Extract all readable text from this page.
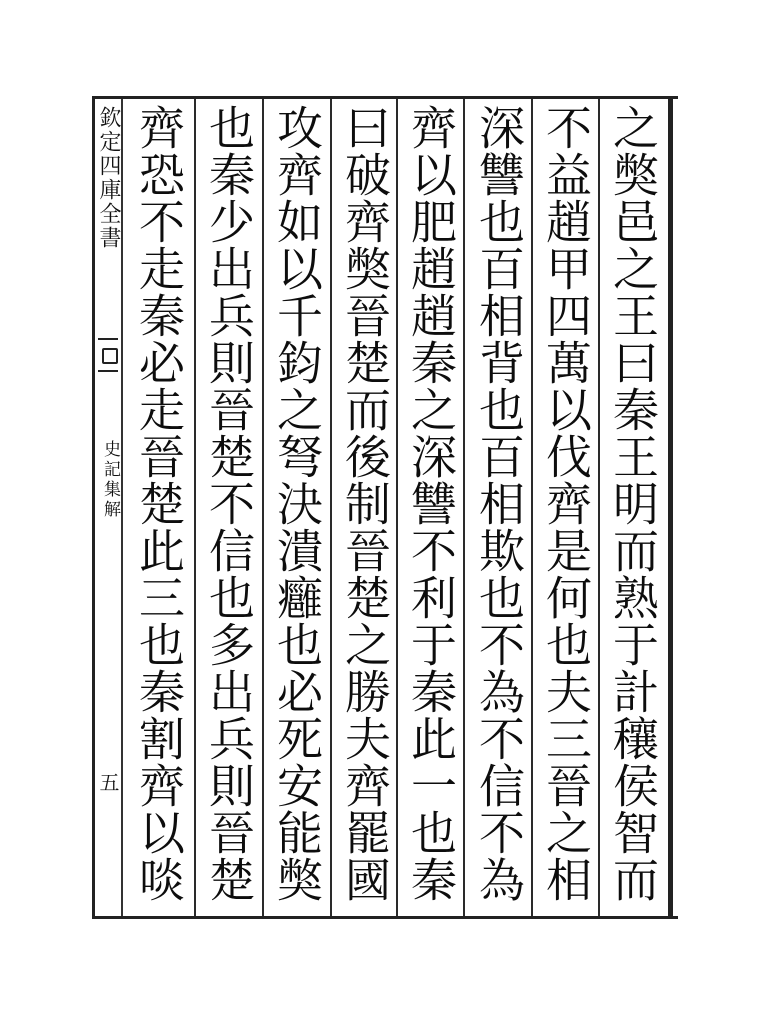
欽定四庫全書
史記集解
五
之獘邑之王曰秦王明而熟于計穰侯智而
不益趙甲四萬以伐齊是何也夫三晉之相
深讐也百相背也百相欺也不為不信不為
齊以肥趙趙秦之深讐不利于秦此一也秦
曰破齊獘晉楚而後制晉楚之勝夫齊罷國
攻齊如以千鈞之弩決潰癰也必死安能獘
也秦少出兵則晉楚不信也多出兵則晉楚
齊恐不走秦必走晉楚此三也秦割齊以啖
